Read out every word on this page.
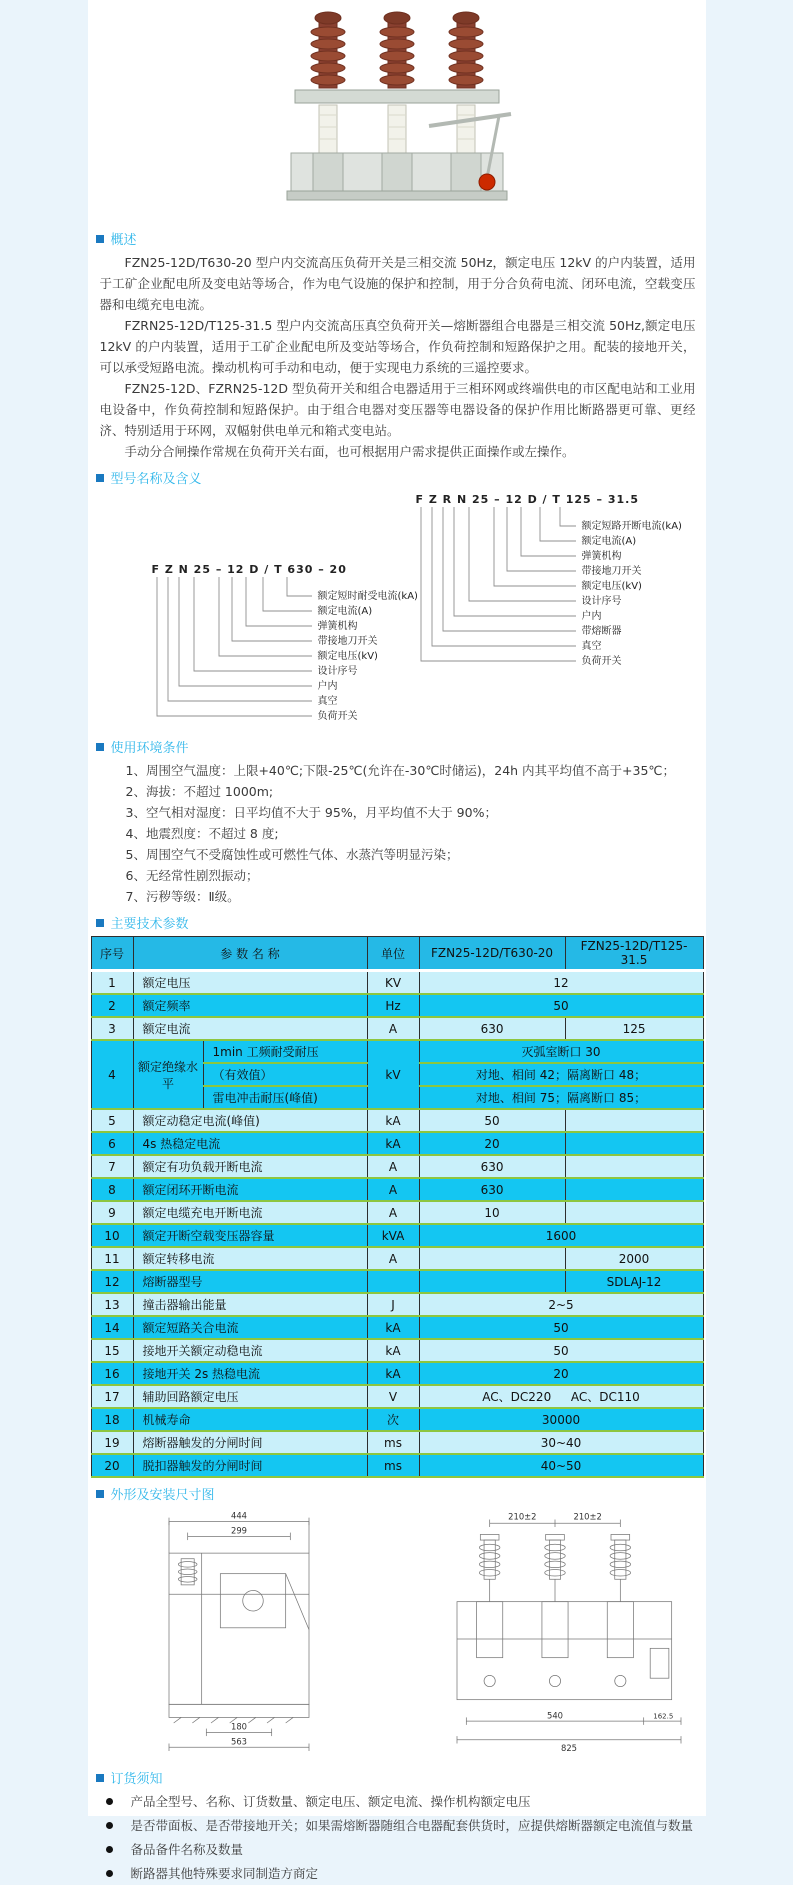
概述

FZN25-12D/T630-20 型户内交流高压负荷开关是三相交流 50Hz，额定电压 12kV 的户内装置，适用于工矿企业配电所及变电站等场合，作为电气设施的保护和控制，用于分合负荷电流、闭环电流，空载变压器和电缆充电电流。

FZRN25-12D/T125-31.5 型户内交流高压真空负荷开关—熔断器组合电器是三相交流 50Hz,额定电压 12kV 的户内装置，适用于工矿企业配电所及变站等场合，作负荷控制和短路保护之用。配装的接地开关，可以承受短路电流。操动机构可手动和电动，便于实现电力系统的三遥控要求。

FZN25-12D、FZRN25-12D 型负荷开关和组合电器适用于三相环网或终端供电的市区配电站和工业用电设备中，作负荷控制和短路保护。由于组合电器对变压器等电器设备的保护作用比断路器更可靠、更经济、特别适用于环网，双幅射供电单元和箱式变电站。

手动分合闸操作常规在负荷开关右面，也可根据用户需求提供正面操作或左操作。

型号名称及含义
F Z N 25 – 12 D / T 630 – 20
额定短时耐受电流(kA)
额定电流(A)
弹簧机构
带接地刀开关
额定电压(kV)
设计序号
户内
真空
负荷开关
F Z R N 25 – 12 D / T 125 – 31.5
额定短路开断电流(kA)
额定电流(A)
弹簧机构
带接地刀开关
额定电压(kV)
设计序号
户内
带熔断器
真空
负荷开关
使用环境条件
1、周围空气温度：上限+40℃;下限-25℃(允许在-30℃时储运)，24h 内其平均值不高于+35℃；
2、海拔：不超过 1000m;
3、空气相对湿度：日平均值不大于 95%，月平均值不大于 90%；
4、地震烈度：不超过 8 度;
5、周围空气不受腐蚀性或可燃性气体、水蒸汽等明显污染；
6、无经常性剧烈振动；
7、污秽等级：Ⅱ级。
主要技术参数
序号	参 数 名 称		单位	FZN25-12D/T630-20	FZN25-12D/T125-31.5
1	额定电压		KV	12	
2	额定频率		Hz	50	
3	额定电流		A	630	125
4	额定绝缘水平	1min 工频耐受耐压	kV	灭弧室断口 30	
		（有效值）		对地、相间 42；隔离断口 48；	
		雷电冲击耐压(峰值)		对地、相间 75；隔离断口 85；	
5	额定动稳定电流(峰值)		kA	50	
6	4s 热稳定电流		kA	20	
7	额定有功负载开断电流		A	630	
8	额定闭环开断电流		A	630	
9	额定电缆充电开断电流		A	10	
10	额定开断空载变压器容量		kVA	1600	
11	额定转移电流		A		2000
12	熔断器型号				SDLAJ-12
13	撞击器输出能量		J	2~5	
14	额定短路关合电流		kA	50	
15	接地开关额定动稳电流		kA	50	
16	接地开关 2s 热稳电流		kA	20	
17	辅助回路额定电压		V	AC、DC220　  AC、DC110	
18	机械寿命		次	30000	
19	熔断器触发的分闸时间		ms	30~40	
20	脱扣器触发的分闸时间		ms	40~50	
外形及安装尺寸图
444
299
180
563
210±2	210±2
540	162.5
825
订货须知
产品全型号、名称、订货数量、额定电压、额定电流、操作机构额定电压
是否带面板、是否带接地开关；如果需熔断器随组合电器配套供货时，应提供熔断器额定电流值与数量
备品备件名称及数量
断路器其他特殊要求同制造方商定
